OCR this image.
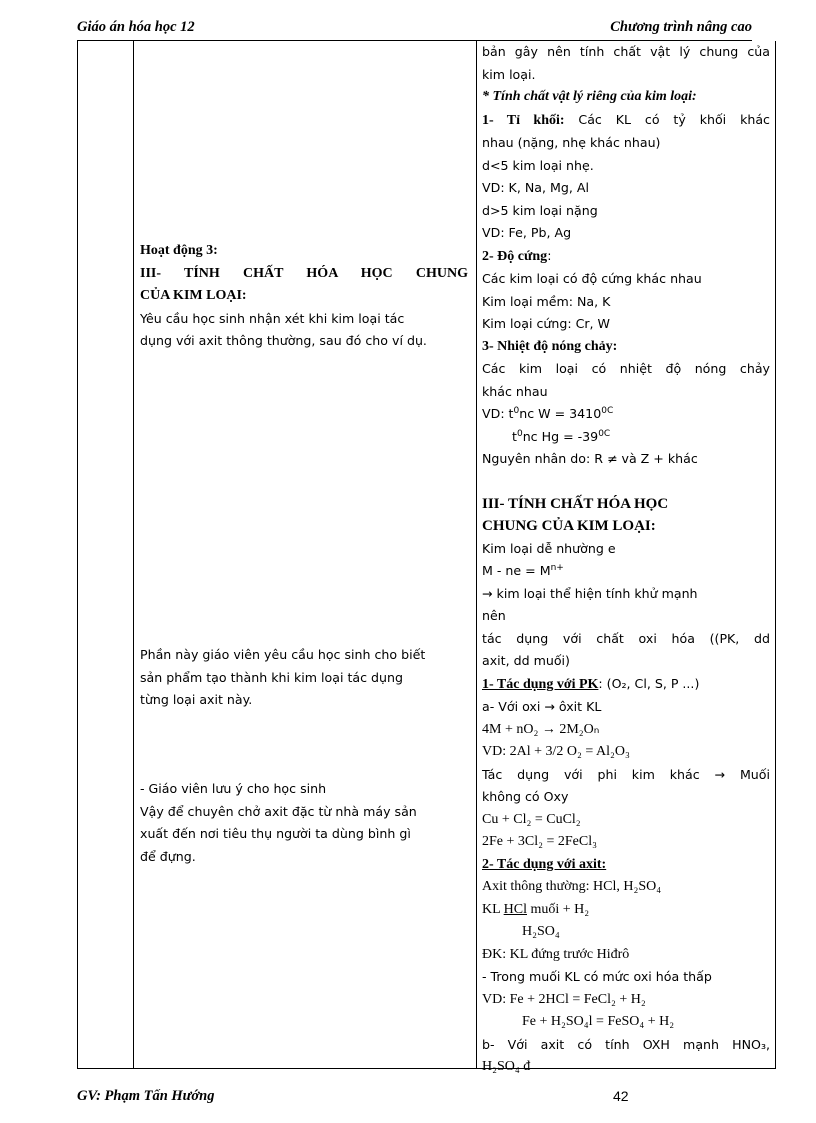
Giáo án hóa học 12	Chương trình nâng cao
Hoạt động 3:
III- TÍNH CHẤT HÓA HỌC CHUNG
CỦA KIM LOẠI:
Yêu cầu học sinh nhận xét khi kim loại tác
dụng với axit thông thường, sau đó cho ví dụ.
Phần này giáo viên yêu cầu học sinh cho biết
sản phẩm tạo thành khi kim loại tác dụng
từng loại axit này.
- Giáo viên lưu ý cho học sinh
Vậy để chuyên chở axit đặc từ nhà máy sản
xuất đến nơi tiêu thụ người ta dùng bình gì
để đựng.
bản gây nên tính chất vật lý chung của
kim loại.
* Tính chất vật lý riêng của kim loại:
1- Tỉ khối: Các KL có tỷ khối khác
nhau (nặng, nhẹ khác nhau)
d<5 kim loại nhẹ.
VD: K, Na, Mg, Al
d>5 kim loại nặng
VD: Fe, Pb, Ag
2- Độ cứng:
Các kim loại có độ cứng khác nhau
Kim loại mềm: Na, K
Kim loại cứng: Cr, W
3- Nhiệt độ nóng chảy:
Các kim loại có nhiệt độ nóng chảy
khác nhau
VD: $t^0nc$ $W = 3410^{0C}$
$t^0nc$ $Hg = -39^{0C}$
Nguyên nhân do: R ≠ và Z + khác
III- TÍNH CHẤT HÓA HỌC
CHUNG CỦA KIM LOẠI:
Kim loại dễ nhường e
M - ne = $M^{n+}$
→ kim loại thể hiện tính khử mạnh
nên
tác dụng với chất oxi hóa ((PK, dd
axit, dd muối)
1- Tác dụng với PK: (O₂, Cl, S, P ...)
a- Với oxi → ôxit KL
4M + nO₂ → 2M₂Oₙ
VD: 2Al + 3/2 O₂ = Al₂O₃
Tác dụng với phi kim khác → Muối
không có Oxy
Cu + Cl₂ = CuCl₂
2Fe + 3Cl₂ = 2FeCl₃
2- Tác dụng với axit:
Axit thông thường: HCl, H₂SO₄
KL HCl muối + H₂
H₂SO₄
ĐK: KL đứng trước Hiđrô
- Trong muối KL có mức oxi hóa thấp
VD: Fe + 2HCl = FeCl₂ + H₂
Fe + H₂SO₄l = FeSO₄ + H₂
b- Với axit có tính OXH mạnh HNO₃,
H₂SO₄ đ
GV: Phạm Tấn Hướng	42
